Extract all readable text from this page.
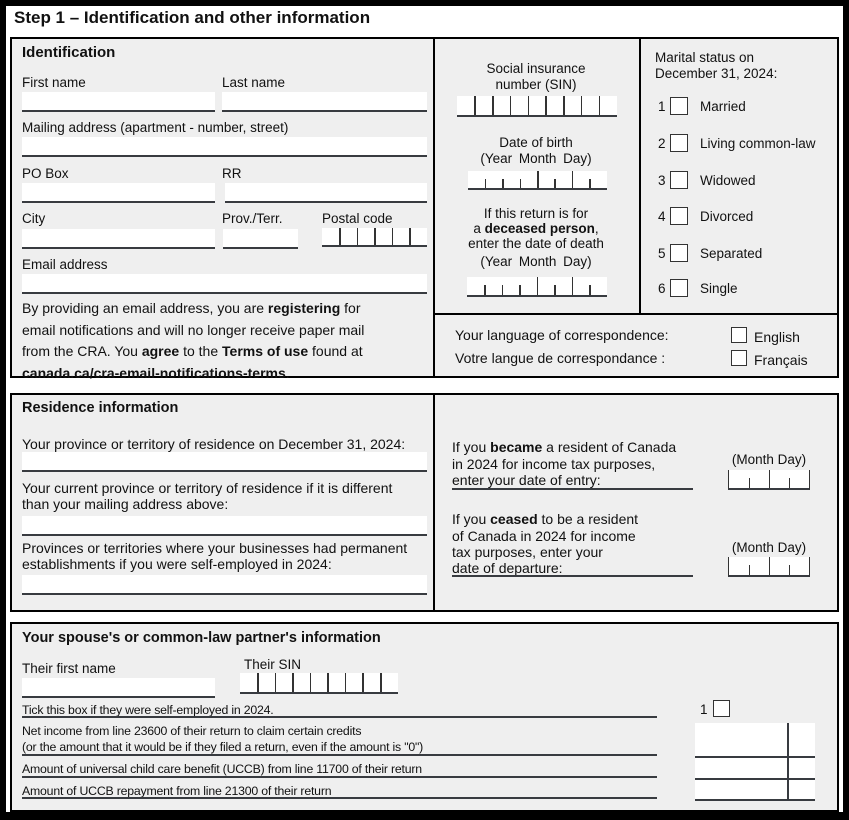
Step 1 – Identification and other information
Identification
First name	Last name
Mailing address (apartment - number, street)
PO Box	RR
City	Prov./Terr.	Postal code
Email address
By providing an email address, you are registering for
email notifications and will no longer receive paper mail
from the CRA. You agree to the Terms of use found at
canada.ca/cra-email-notifications-terms.
Social insurance
number (SIN)
Date of birth
(Year Month Day)
If this return is for
a deceased person,
enter the date of death
(Year Month Day)
Marital status on
December 31, 2024:
1	Married
2	Living common-law
3	Widowed
4	Divorced
5	Separated
6	Single
Your language of correspondence:
Votre langue de correspondance :
English
Français
Residence information
Your province or territory of residence on December 31, 2024:
Your current province or territory of residence if it is different
than your mailing address above:
Provinces or territories where your businesses had permanent
establishments if you were self-employed in 2024:
If you became a resident of Canada
in 2024 for income tax purposes,
enter your date of entry:
(Month Day)
If you ceased to be a resident
of Canada in 2024 for income
tax purposes, enter your
date of departure:
(Month Day)
Your spouse's or common-law partner's information
Their first name	Their SIN
Tick this box if they were self-employed in 2024.	1
Net income from line 23600 of their return to claim certain credits
(or the amount that it would be if they filed a return, even if the amount is "0")
Amount of universal child care benefit (UCCB) from line 11700 of their return
Amount of UCCB repayment from line 21300 of their return
